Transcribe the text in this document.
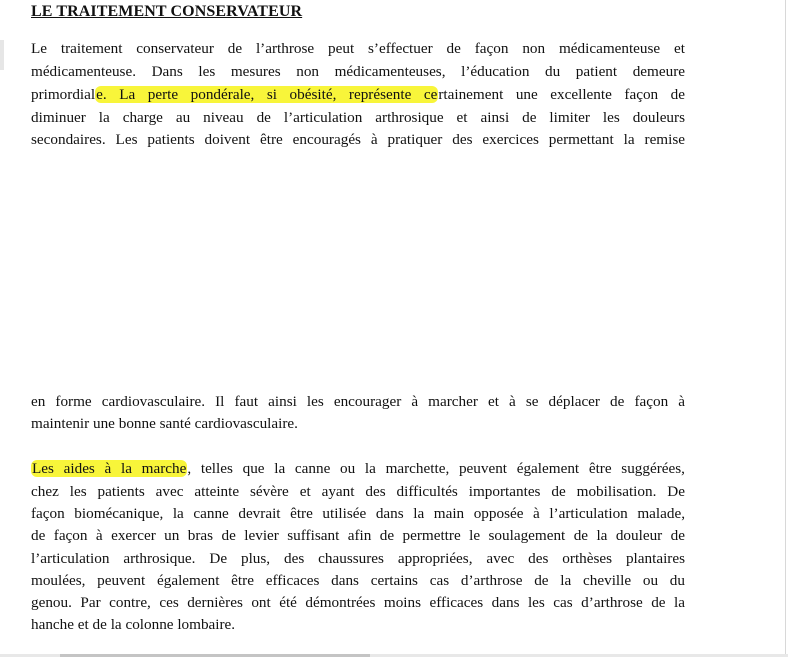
LE TRAITEMENT CONSERVATEUR
Le traitement conservateur de l’arthrose peut s’effectuer de façon non médicamenteuse et
médicamenteuse. Dans les mesures non médicamenteuses, l’éducation du patient demeure
primordiale. La perte pondérale, si obésité, représente certainement une excellente façon de
diminuer la charge au niveau de l’articulation arthrosique et ainsi de limiter les douleurs
secondaires. Les patients doivent être encouragés à pratiquer des exercices permettant la remise
en forme cardiovasculaire. Il faut ainsi les encourager à marcher et à se déplacer de façon à
maintenir une bonne santé cardiovasculaire.
Les aides à la marche, telles que la canne ou la marchette, peuvent également être suggérées,
chez les patients avec atteinte sévère et ayant des difficultés importantes de mobilisation. De
façon biomécanique, la canne devrait être utilisée dans la main opposée à l’articulation malade,
de façon à exercer un bras de levier suffisant afin de permettre le soulagement de la douleur de
l’articulation arthrosique. De plus, des chaussures appropriées, avec des orthèses plantaires
moulées, peuvent également être efficaces dans certains cas d’arthrose de la cheville ou du
genou. Par contre, ces dernières ont été démontrées moins efficaces dans les cas d’arthrose de la
hanche et de la colonne lombaire.
